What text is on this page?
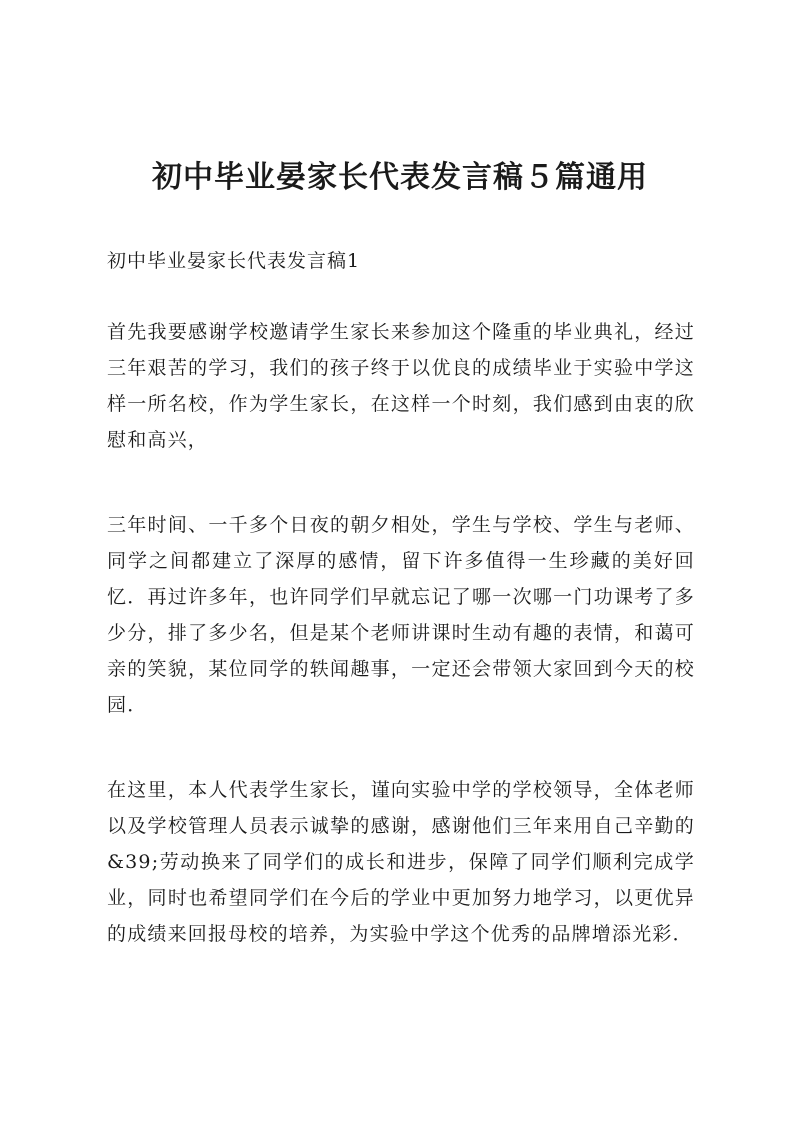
初中毕业晏家长代表发言稿５篇通用

初中毕业晏家长代表发言稿1

首先我要感谢学校邀请学生家长来参加这个隆重的毕业典礼，经过三年艰苦的学习，我们的孩子终于以优良的成绩毕业于实验中学这样一所名校，作为学生家长，在这样一个时刻，我们感到由衷的欣慰和高兴，

三年时间、一千多个日夜的朝夕相处，学生与学校、学生与老师、同学之间都建立了深厚的感情，留下许多值得一生珍藏的美好回忆．再过许多年，也许同学们早就忘记了哪一次哪一门功课考了多少分，排了多少名，但是某个老师讲课时生动有趣的表情，和蔼可亲的笑貌，某位同学的轶闻趣事，一定还会带领大家回到今天的校园．

在这里，本人代表学生家长，谨向实验中学的学校领导，全体老师以及学校管理人员表示诚挚的感谢，感谢他们三年来用自己辛勤的&39;劳动换来了同学们的成长和进步，保障了同学们顺利完成学业，同时也希望同学们在今后的学业中更加努力地学习，以更优异的成绩来回报母校的培养，为实验中学这个优秀的品牌增添光彩．
